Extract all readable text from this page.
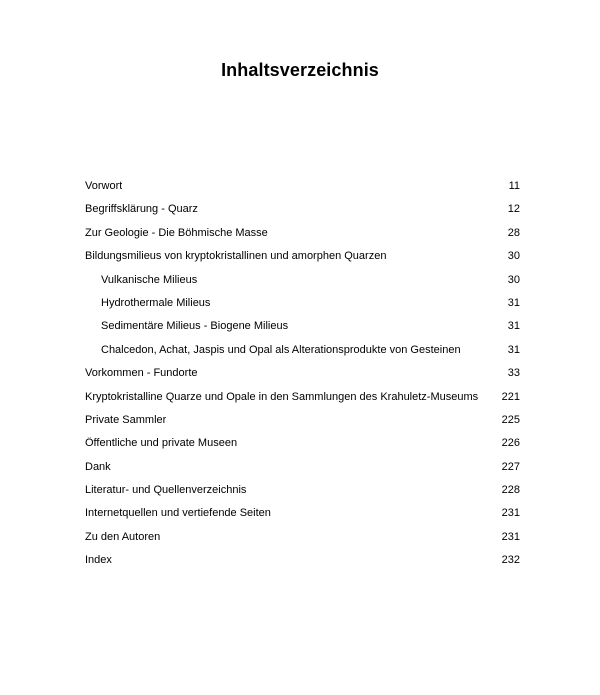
Inhaltsverzeichnis
Vorwort	11
Begriffsklärung - Quarz	12
Zur Geologie - Die Böhmische Masse	28
Bildungsmilieus von kryptokristallinen und amorphen Quarzen	30
Vulkanische Milieus	30
Hydrothermale Milieus	31
Sedimentäre Milieus - Biogene Milieus	31
Chalcedon, Achat, Jaspis und Opal als Alterationsprodukte von Gesteinen	31
Vorkommen - Fundorte	33
Kryptokristalline Quarze und Opale in den Sammlungen des Krahuletz-Museums	221
Private Sammler	225
Öffentliche und private Museen	226
Dank	227
Literatur- und Quellenverzeichnis	228
Internetquellen und vertiefende Seiten	231
Zu den Autoren	231
Index	232
